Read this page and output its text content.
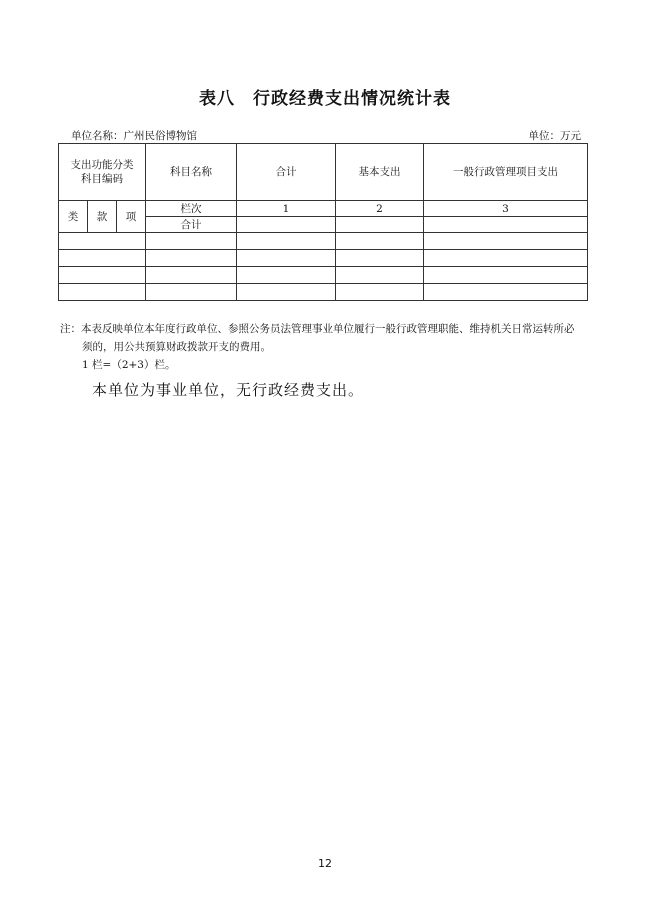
表八　行政经费支出情况统计表
单位名称：广州民俗博物馆	单位：万元
支出功能分类
科目编码			科目名称	合计	基本支出	一般行政管理项目支出
类	款	项	栏次	1	2	3
			合计			

注：本表反映单位本年度行政单位、参照公务员法管理事业单位履行一般行政管理职能、维持机关日常运转所必
须的，用公共预算财政拨款开支的费用。
1 栏=（2+3）栏。
本单位为事业单位，无行政经费支出。
12
